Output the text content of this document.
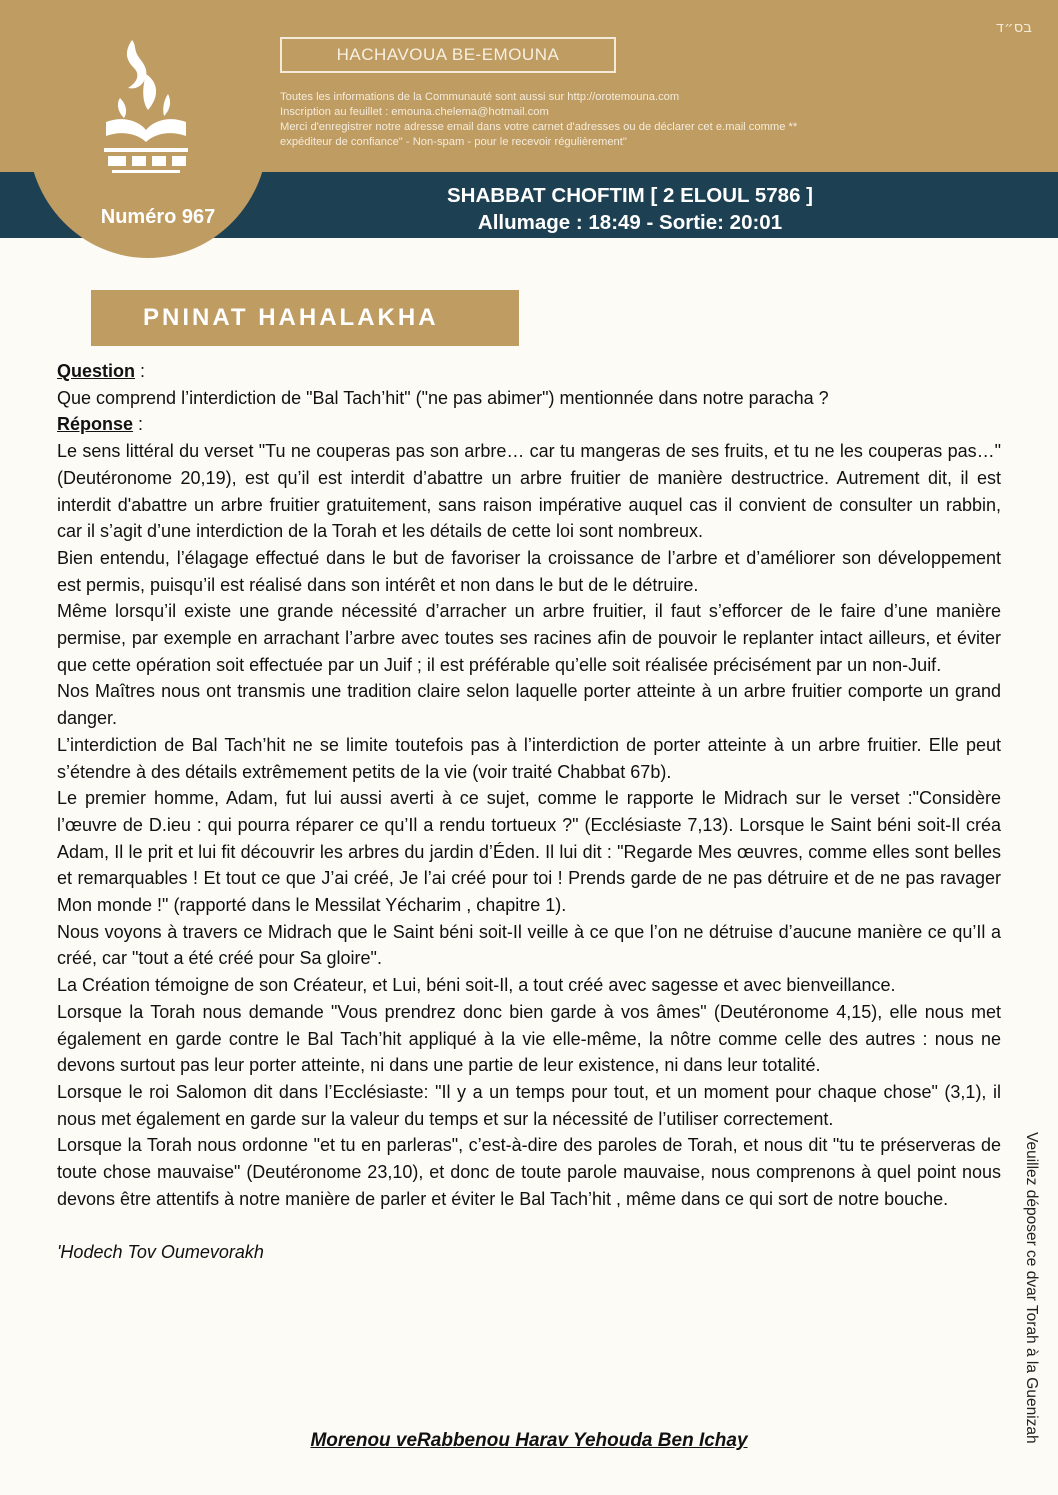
בס״ד
HACHAVOUA BE-EMOUNA
Toutes les informations de la Communauté sont aussi sur http://orotemouna.com
Inscription au feuillet : emouna.chelema@hotmail.com
Merci d'enregistrer notre adresse email dans votre carnet d'adresses ou de déclarer cet e.mail comme **
expéditeur de confiance" - Non-spam - pour le recevoir régulièrement"
Numéro 967
SHABBAT CHOFTIM [ 2 ELOUL 5786 ]
Allumage : 18:49 - Sortie: 20:01
PNINAT HAHALAKHA

Question :

Que comprend l’interdiction de "Bal Tach’hit" ("ne pas abimer") mentionnée dans notre paracha ?

Réponse :

Le sens littéral du verset "Tu ne couperas pas son arbre… car tu mangeras de ses fruits, et tu ne les couperas pas…" (Deutéronome 20,19), est qu’il est interdit d’abattre un arbre fruitier de manière destructrice. Autrement dit, il est interdit d'abattre un arbre fruitier gratuitement, sans raison impérative auquel cas il convient de consulter un rabbin, car il s’agit d’une interdiction de la Torah et les détails de cette loi sont nombreux.

Bien entendu, l’élagage effectué dans le but de favoriser la croissance de l’arbre et d’améliorer son développement est permis, puisqu’il est réalisé dans son intérêt et non dans le but de le détruire.

Même lorsqu’il existe une grande nécessité d’arracher un arbre fruitier, il faut s’efforcer de le faire d’une manière permise, par exemple en arrachant l’arbre avec toutes ses racines afin de pouvoir le replanter intact ailleurs, et éviter que cette opération soit effectuée par un Juif ; il est préférable qu’elle soit réalisée précisément par un non-Juif.

Nos Maîtres nous ont transmis une tradition claire selon laquelle porter atteinte à un arbre fruitier comporte un grand danger.

L’interdiction de Bal Tach’hit ne se limite toutefois pas à l’interdiction de porter atteinte à un arbre fruitier. Elle peut s’étendre à des détails extrêmement petits de la vie (voir traité Chabbat 67b).

Le premier homme, Adam, fut lui aussi averti à ce sujet, comme le rapporte le Midrach sur le verset :"Considère l’œuvre de D.ieu : qui pourra réparer ce qu’Il a rendu tortueux ?" (Ecclésiaste 7,13). Lorsque le Saint béni soit-Il créa Adam, Il le prit et lui fit découvrir les arbres du jardin d’Éden. Il lui dit : "Regarde Mes œuvres, comme elles sont belles et remarquables ! Et tout ce que J’ai créé, Je l’ai créé pour toi ! Prends garde de ne pas détruire et de ne pas ravager Mon monde !" (rapporté dans le Messilat Yécharim , chapitre 1).

Nous voyons à travers ce Midrach que le Saint béni soit-Il veille à ce que l’on ne détruise d’aucune manière ce qu’Il a créé, car "tout a été créé pour Sa gloire".

La Création témoigne de son Créateur, et Lui, béni soit-Il, a tout créé avec sagesse et avec bienveillance.

Lorsque la Torah nous demande "Vous prendrez donc bien garde à vos âmes" (Deutéronome 4,15), elle nous met également en garde contre le Bal Tach’hit appliqué à la vie elle-même, la nôtre comme celle des autres : nous ne devons surtout pas leur porter atteinte, ni dans une partie de leur existence, ni dans leur totalité.

Lorsque le roi Salomon dit dans l’Ecclésiaste: "Il y a un temps pour tout, et un moment pour chaque chose" (3,1), il nous met également en garde sur la valeur du temps et sur la nécessité de l’utiliser correctement.

Lorsque la Torah nous ordonne "et tu en parleras", c’est-à-dire des paroles de Torah, et nous dit "tu te préserveras de toute chose mauvaise" (Deutéronome 23,10), et donc de toute parole mauvaise, nous comprenons à quel point nous devons être attentifs à notre manière de parler et éviter le Bal Tach’hit , même dans ce qui sort de notre bouche.

'Hodech Tov Oumevorakh

Morenou veRabbenou Harav Yehouda Ben Ichay	Veuillez déposer ce dvar Torah à la Guenizah
